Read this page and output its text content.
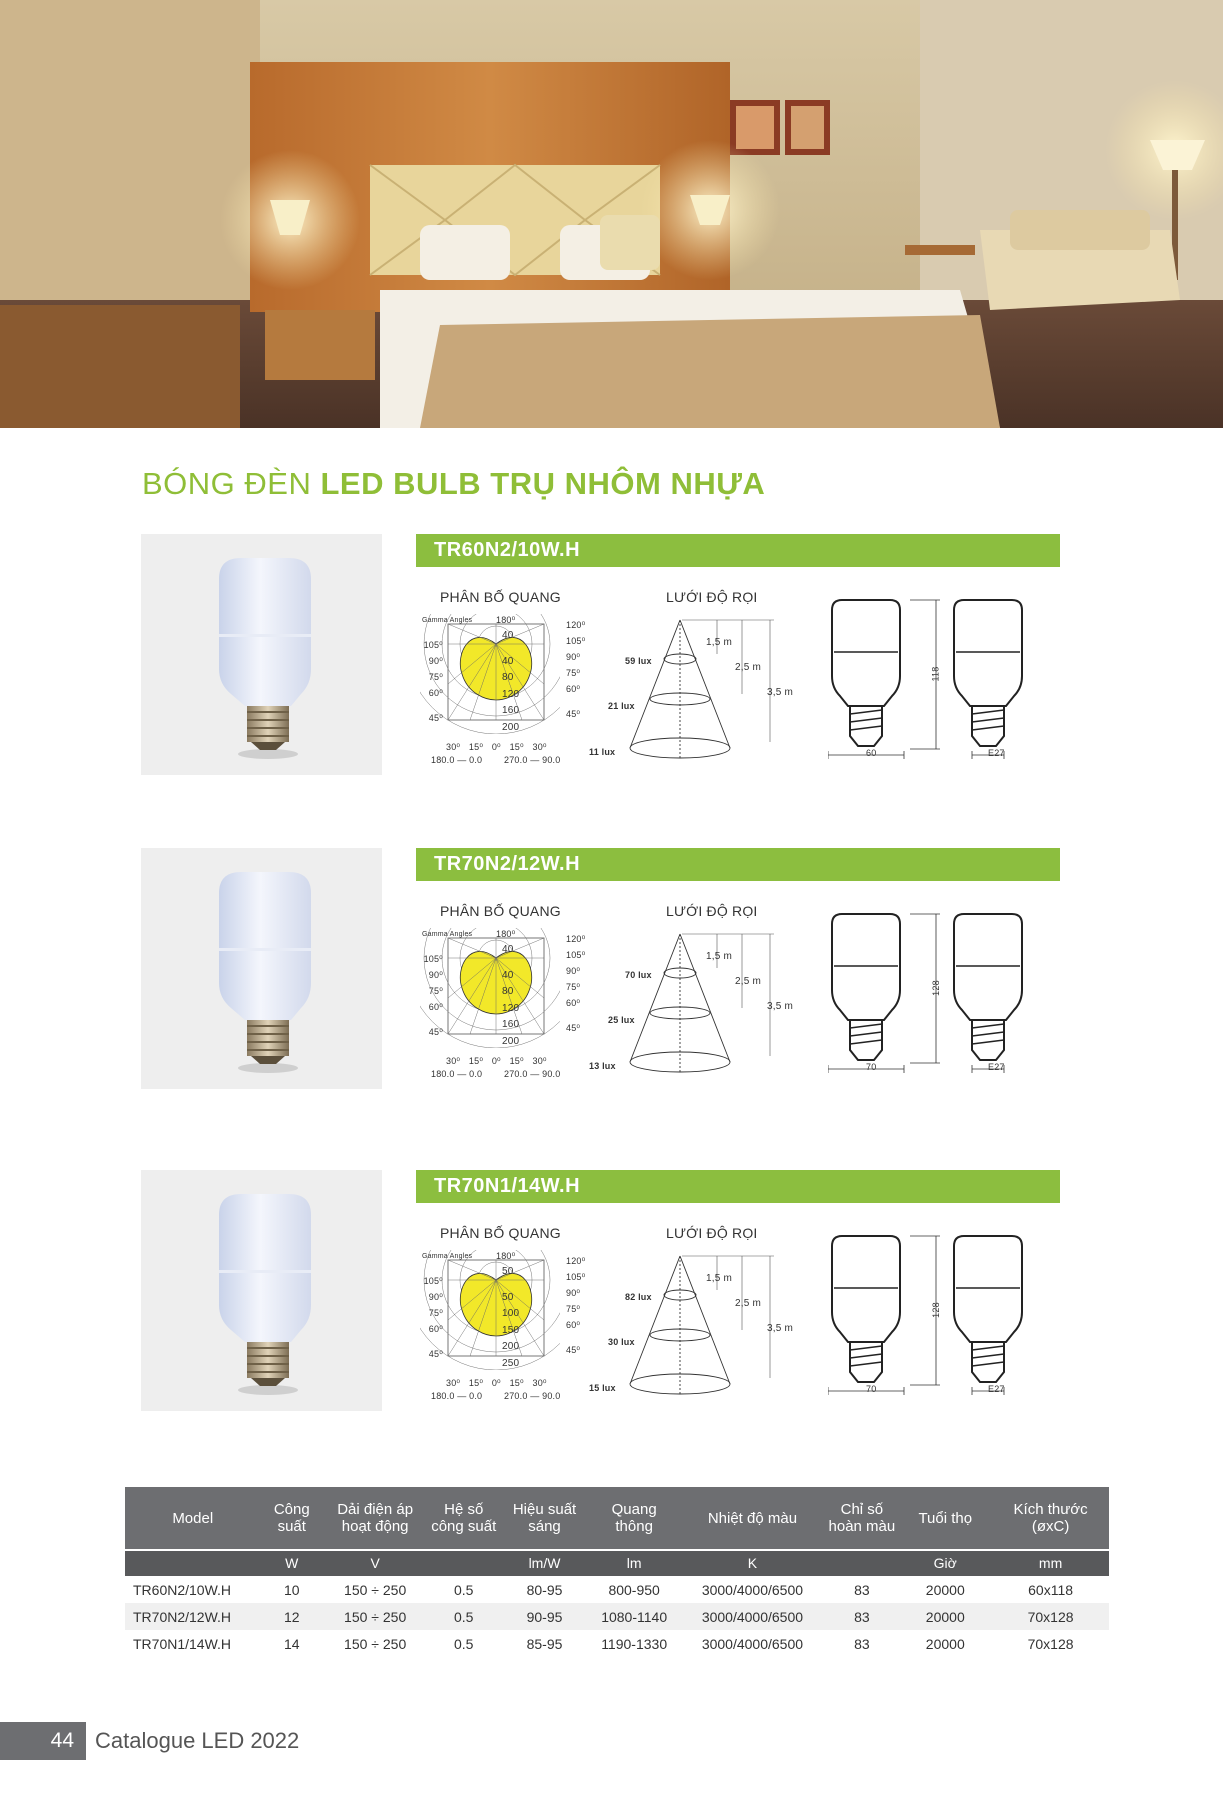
BÓNG ĐÈN LED BULB TRỤ NHÔM NHỰA
TR60N2/10W.H
PHÂN BỐ QUANG	LƯỚI ĐỘ RỌI
Gamma Angles	180⁰
105⁰
90⁰
75⁰
60⁰
45⁰
120⁰
105⁰
90⁰
75⁰
60⁰
45⁰
40
40
80
120
160
200
30⁰ 15⁰ 0⁰ 15⁰ 30⁰
180.0 — 0.0 270.0 — 90.0
59 lux
21 lux
11 lux
1,5 m
2,5 m
3,5 m
118
60	E27
TR70N2/12W.H
PHÂN BỐ QUANG	LƯỚI ĐỘ RỌI
Gamma Angles	180⁰
105⁰
90⁰
75⁰
60⁰
45⁰
120⁰
105⁰
90⁰
75⁰
60⁰
45⁰
40
40
80
120
160
200
30⁰ 15⁰ 0⁰ 15⁰ 30⁰
180.0 — 0.0 270.0 — 90.0
70 lux
25 lux
13 lux
1,5 m
2,5 m
3,5 m
128
70	E27
TR70N1/14W.H
PHÂN BỐ QUANG	LƯỚI ĐỘ RỌI
Gamma Angles	180⁰
105⁰
90⁰
75⁰
60⁰
45⁰
120⁰
105⁰
90⁰
75⁰
60⁰
45⁰
50
50
100
150
200
250
30⁰ 15⁰ 0⁰ 15⁰ 30⁰
180.0 — 0.0 270.0 — 90.0
82 lux
30 lux
15 lux
1,5 m
2,5 m
3,5 m
128
70	E27
Model	Công suất	Dải điện áp hoạt động	Hệ số công suất	Hiệu suất sáng	Quang thông	Nhiệt độ màu	Chỉ số hoàn màu	Tuổi thọ	Kích thước (øxC)
	W	V		lm/W	lm	K		Giờ	mm
TR60N2/10W.H	10	150 ÷ 250	0.5	80-95	800-950	3000/4000/6500	83	20000	60x118
TR70N2/12W.H	12	150 ÷ 250	0.5	90-95	1080-1140	3000/4000/6500	83	20000	70x128
TR70N1/14W.H	14	150 ÷ 250	0.5	85-95	1190-1330	3000/4000/6500	83	20000	70x128
44 Catalogue LED 2022
